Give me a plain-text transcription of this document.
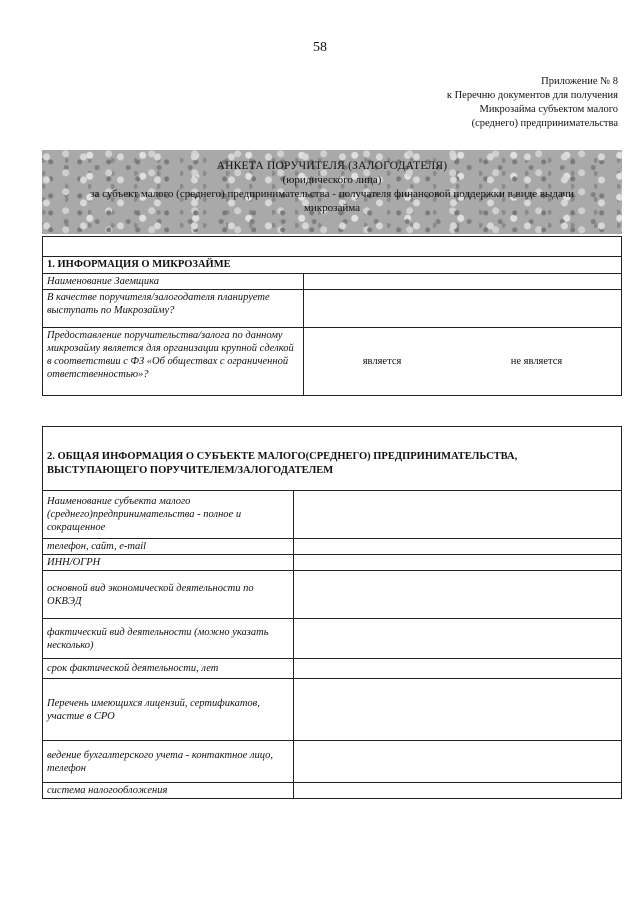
58
Приложение № 8
к Перечню документов для получения
Микрозайма субъектом малого
(среднего) предпринимательства
АНКЕТА ПОРУЧИТЕЛЯ (ЗАЛОГОДАТЕЛЯ)
(юридического лица)
за субъект малого (среднего) предпринимательства - получателя финансовой поддержки в виде выдачи
микрозайма

1. ИНФОРМАЦИЯ О МИКРОЗАЙМЕ	
Наименование Заемщика	
В качестве поручителя/залогодателя планируете выступать по Микрозайму?	
Предоставление поручительства/залога по данному микрозайму является для организации крупной сделкой в соответствии с ФЗ «Об обществах с ограниченной ответственностью»?	является не является
2. ОБЩАЯ ИНФОРМАЦИЯ О СУБЪЕКТЕ МАЛОГО(СРЕДНЕГО) ПРЕДПРИНИМАТЕЛЬСТВА, ВЫСТУПАЮЩЕГО ПОРУЧИТЕЛЕМ/ЗАЛОГОДАТЕЛЕМ	
Наименование субъекта малого (среднего)предпринимательства - полное и сокращенное	
телефон, сайт, e-mail	
ИНН/ОГРН	
основной вид экономической деятельности по ОКВЭД	
фактический вид деятельности (можно указать несколько)	
срок фактической деятельности, лет	
Перечень имеющихся лицензий, сертификатов, участие в СРО	
ведение бухгалтерского учета - контактное лицо, телефон	
система налогообложения	
